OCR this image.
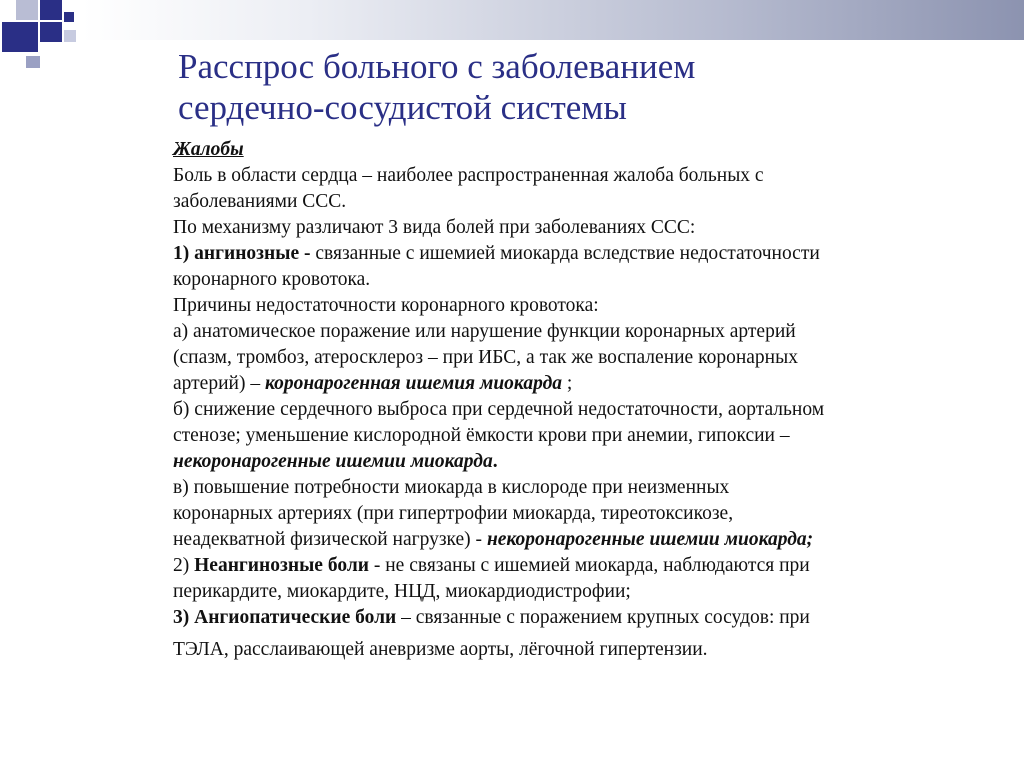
Расспрос больного с заболеванием
сердечно-сосудистой системы
Жалобы
Боль в области сердца – наиболее распространенная жалоба больных с
заболеваниями ССС.
По механизму различают 3 вида болей при заболеваниях ССС:
1) ангинозные - связанные с ишемией миокарда вследствие недостаточности
коронарного кровотока.
Причины недостаточности коронарного кровотока:
а) анатомическое поражение или нарушение функции коронарных артерий
(спазм, тромбоз, атеросклероз – при ИБС, а так же воспаление коронарных
артерий) – коронарогенная ишемия миокарда ;
б) снижение сердечного выброса при сердечной недостаточности, аортальном
стенозе; уменьшение кислородной ёмкости крови при анемии, гипоксии –
некоронарогенные ишемии миокарда.
в) повышение потребности миокарда в кислороде при неизменных
коронарных артериях (при гипертрофии миокарда, тиреотоксикозе,
неадекватной физической нагрузке) - некоронарогенные ишемии миокарда;
2) Неангинозные боли - не связаны с ишемией миокарда, наблюдаются при
перикардите, миокардите, НЦД, миокардиодистрофии;
3) Ангиопатические боли – связанные с поражением крупных сосудов: при
ТЭЛА, расслаивающей аневризме аорты, лёгочной гипертензии.
